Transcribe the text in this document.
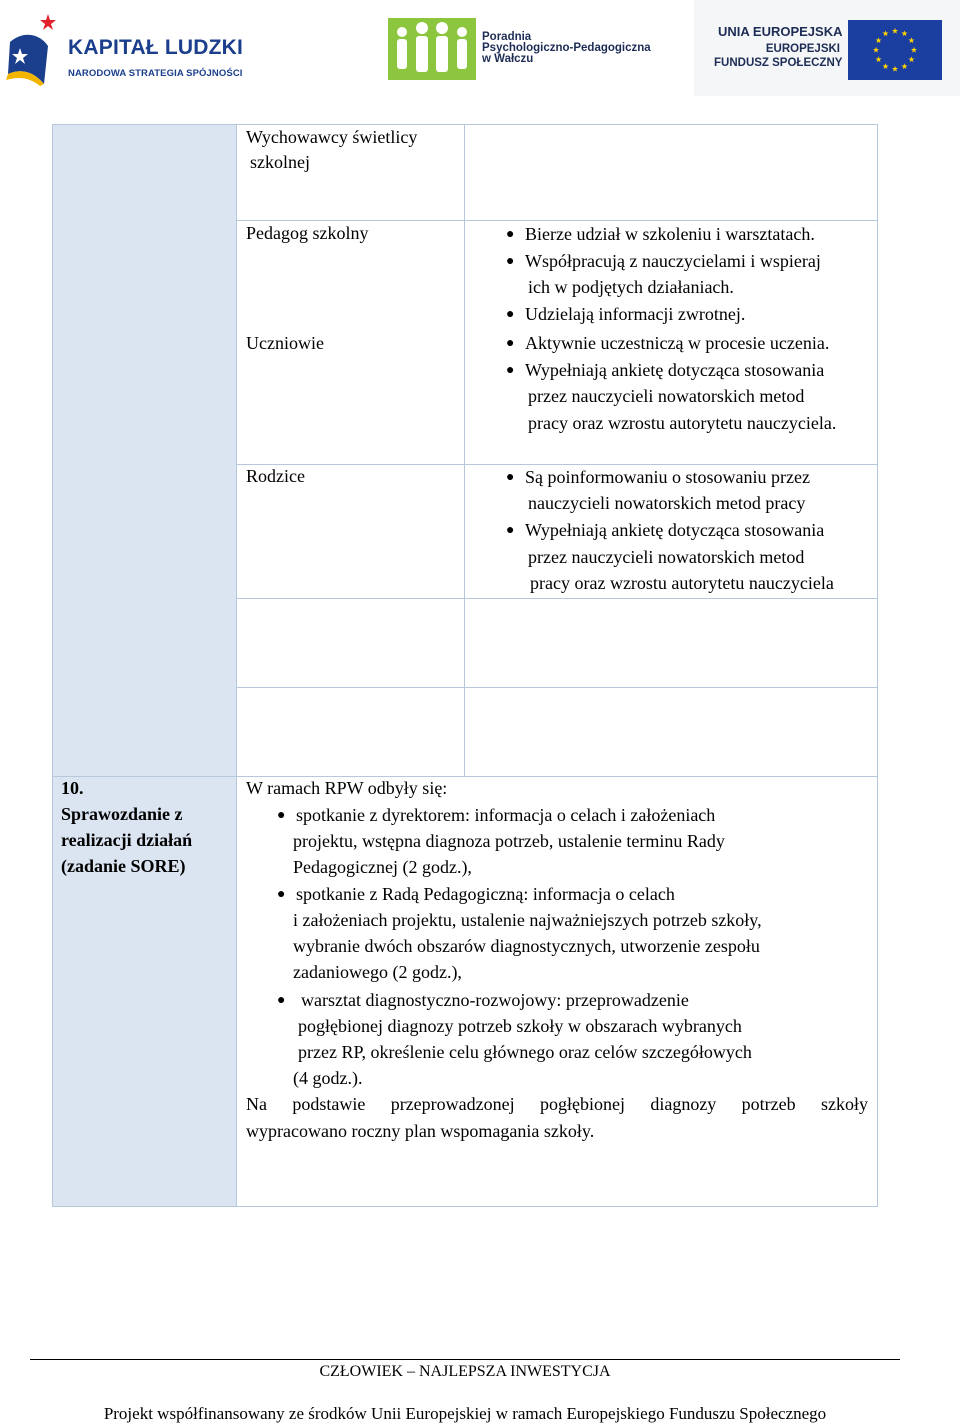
KAPITAŁ LUDZKI
NARODOWA STRATEGIA SPÓJNOŚCI
Poradnia
Psychologiczno-Pedagogiczna
w Wałczu
UNIA EUROPEJSKA
EUROPEJSKI
FUNDUSZ SPOŁECZNY
Wychowawcy świetlicy
szkolnej
Pedagog szkolny
Uczniowie
Rodzice
● Bierze udział w szkoleniu i warsztatach.
● Współpracują z nauczycielami i wspieraj
ich w podjętych działaniach.
● Udzielają informacji zwrotnej.
● Aktywnie uczestniczą w procesie uczenia.
● Wypełniają ankietę dotycząca stosowania
przez nauczycieli nowatorskich metod
pracy oraz wzrostu autorytetu nauczyciela.
● Są poinformowaniu o stosowaniu przez
nauczycieli nowatorskich metod pracy
● Wypełniają ankietę dotycząca stosowania
przez nauczycieli nowatorskich metod
pracy oraz wzrostu autorytetu nauczyciela
10.
Sprawozdanie z
realizacji działań
(zadanie SORE)
W ramach RPW odbyły się:
● spotkanie z dyrektorem: informacja o celach i założeniach
projektu, wstępna diagnoza potrzeb, ustalenie terminu Rady
Pedagogicznej (2 godz.),
● spotkanie z Radą Pedagogiczną: informacja o celach
i założeniach projektu, ustalenie najważniejszych potrzeb szkoły,
wybranie dwóch obszarów diagnostycznych, utworzenie zespołu
zadaniowego (2 godz.),
● warsztat diagnostyczno-rozwojowy: przeprowadzenie
pogłębionej diagnozy potrzeb szkoły w obszarach wybranych
przez RP, określenie celu głównego oraz celów szczegółowych
(4 godz.).
Na podstawie przeprowadzonej pogłębionej diagnozy potrzeb szkoły
wypracowano roczny plan wspomagania szkoły.
CZŁOWIEK – NAJLEPSZA INWESTYCJA
Projekt współfinansowany ze środków Unii Europejskiej w ramach Europejskiego Funduszu Społecznego
